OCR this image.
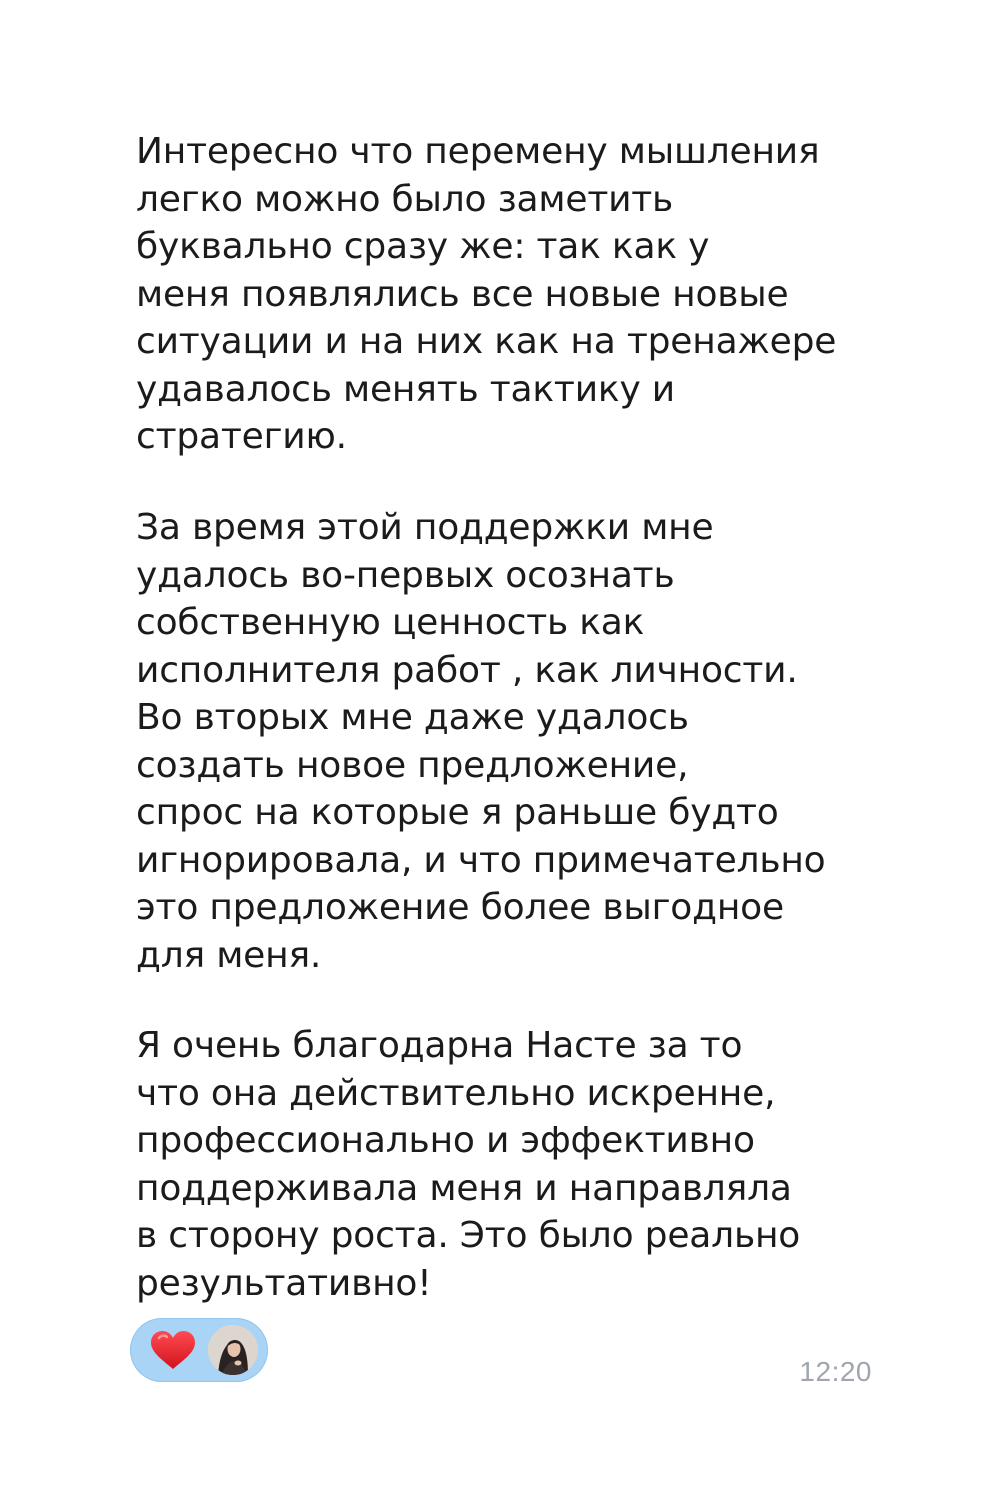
Интересно что перемену мышления
легко можно было заметить
буквально сразу же: так как у
меня появлялись все новые новые
ситуации и на них как на тренажере
удавалось менять тактику и
стратегию.

За время этой поддержки мне
удалось во-первых осознать
собственную ценность как
исполнителя работ , как личности.
Во вторых мне даже удалось
создать новое предложение,
спрос на которые я раньше будто
игнорировала, и что примечательно
это предложение более выгодное
для меня.

Я очень благодарна Насте за то
что она действительно искренне,
профессионально и эффективно
поддерживала меня и направляла
в сторону роста. Это было реально
результативно!

12:20
